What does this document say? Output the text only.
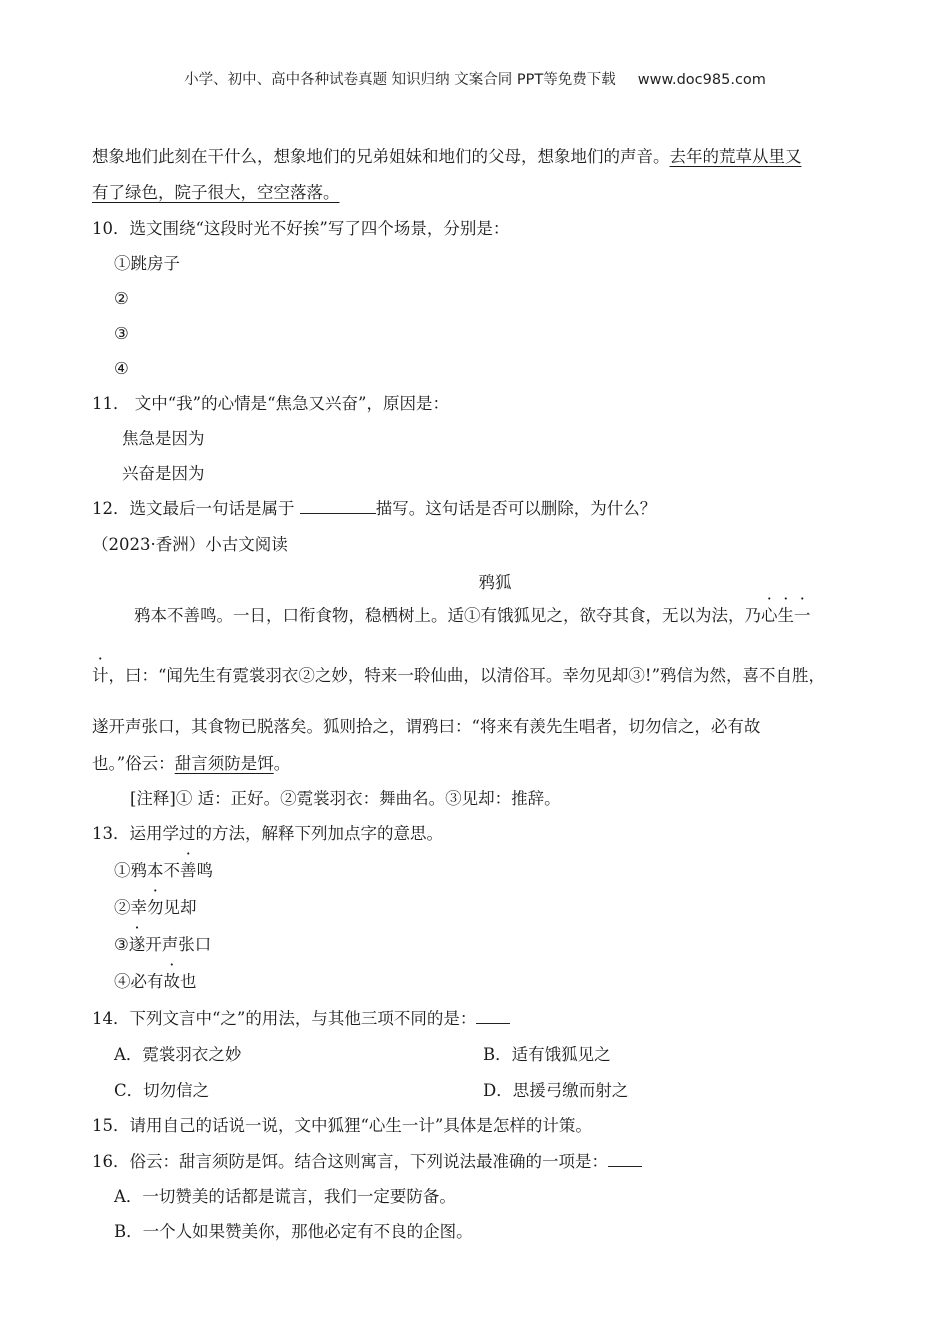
小学、初中、高中各种试卷真题 知识归纳 文案合同 PPT等免费下载 www.doc985.com
想象地们此刻在干什么，想象地们的兄弟姐妹和地们的父母，想象地们的声音。去年的荒草从里又
有了绿色，院子很大，空空落落。
10．选文围绕“这段时光不好挨”写了四个场景，分别是：
①跳房子
②
③
④
11． 文中“我”的心情是“焦急又兴奋”，原因是：
焦急是因为
兴奋是因为
12．选文最后一句话是属于	描写。这句话是否可以删除，为什么？
（2023·香洲）小古文阅读
鸦狐
鸦本不善鸣。一日，口衔食物，稳栖树上。适①有饿狐见之，欲夺其食，无以为法，乃心生一
计，曰：“闻先生有霓裳羽衣②之妙，特来一聆仙曲，以清俗耳。幸勿见却③!”鸦信为然，喜不自胜，
遂开声张口，其食物已脱落矣。狐则拾之，谓鸦曰：“将来有羡先生唱者，切勿信之，必有故
也。”俗云：甜言须防是饵。
[注释]① 适：正好。②霓裳羽衣：舞曲名。③见却：推辞。
13．运用学过的方法，解释下列加点字的意思。
①鸦本不善鸣
②幸勿见却
③遂开声张口
④必有故也
14．下列文言中“之”的用法，与其他三项不同的是：
A．霓裳羽衣之妙	B．适有饿狐见之
C．切勿信之	D．思援弓缴而射之
15．请用自己的话说一说，文中狐狸“心生一计”具体是怎样的计策。
16．俗云：甜言须防是饵。结合这则寓言，下列说法最准确的一项是：
A．一切赞美的话都是谎言，我们一定要防备。
B．一个人如果赞美你，那他必定有不良的企图。
